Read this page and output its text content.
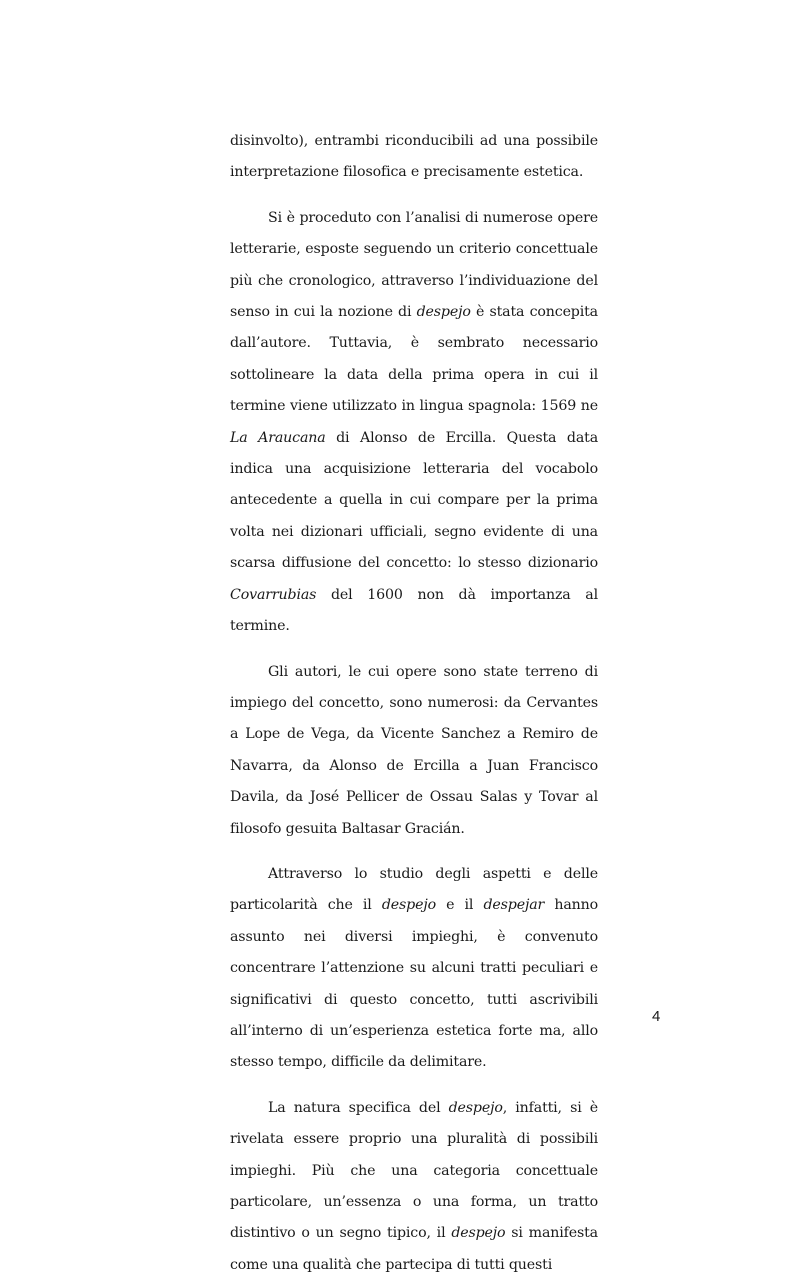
disinvolto), entrambi riconducibili ad una possibile interpretazione filosofica e precisamente estetica.

Si è proceduto con l’analisi di numerose opere letterarie, esposte seguendo un criterio concettuale più che cronologico, attraverso l’individuazione del senso in cui la nozione di despejo è stata concepita dall’autore. Tuttavia, è sembrato necessario sottolineare la data della prima opera in cui il termine viene utilizzato in lingua spagnola: 1569 ne La Araucana di Alonso de Ercilla. Questa data indica una acquisizione letteraria del vocabolo antecedente a quella in cui compare per la prima volta nei dizionari ufficiali, segno evidente di una scarsa diffusione del concetto: lo stesso dizionario Covarrubias del 1600 non dà importanza al termine.

Gli autori, le cui opere sono state terreno di impiego del concetto, sono numerosi: da Cervantes a Lope de Vega, da Vicente Sanchez a Remiro de Navarra, da Alonso de Ercilla a Juan Francisco Davila, da José Pellicer de Ossau Salas y Tovar al filosofo gesuita Baltasar Gracián.

Attraverso lo studio degli aspetti e delle particolarità che il despejo e il despejar hanno assunto nei diversi impieghi, è convenuto concentrare l’attenzione su alcuni tratti peculiari e significativi di questo concetto, tutti ascrivibili all’interno di un’esperienza estetica forte ma, allo stesso tempo, difficile da delimitare.

La natura specifica del despejo, infatti, si è rivelata essere proprio una pluralità di possibili impieghi. Più che una categoria concettuale particolare, un’essenza o una forma, un tratto distintivo o un segno tipico, il despejo si manifesta come una qualità che partecipa di tutti questi

4
